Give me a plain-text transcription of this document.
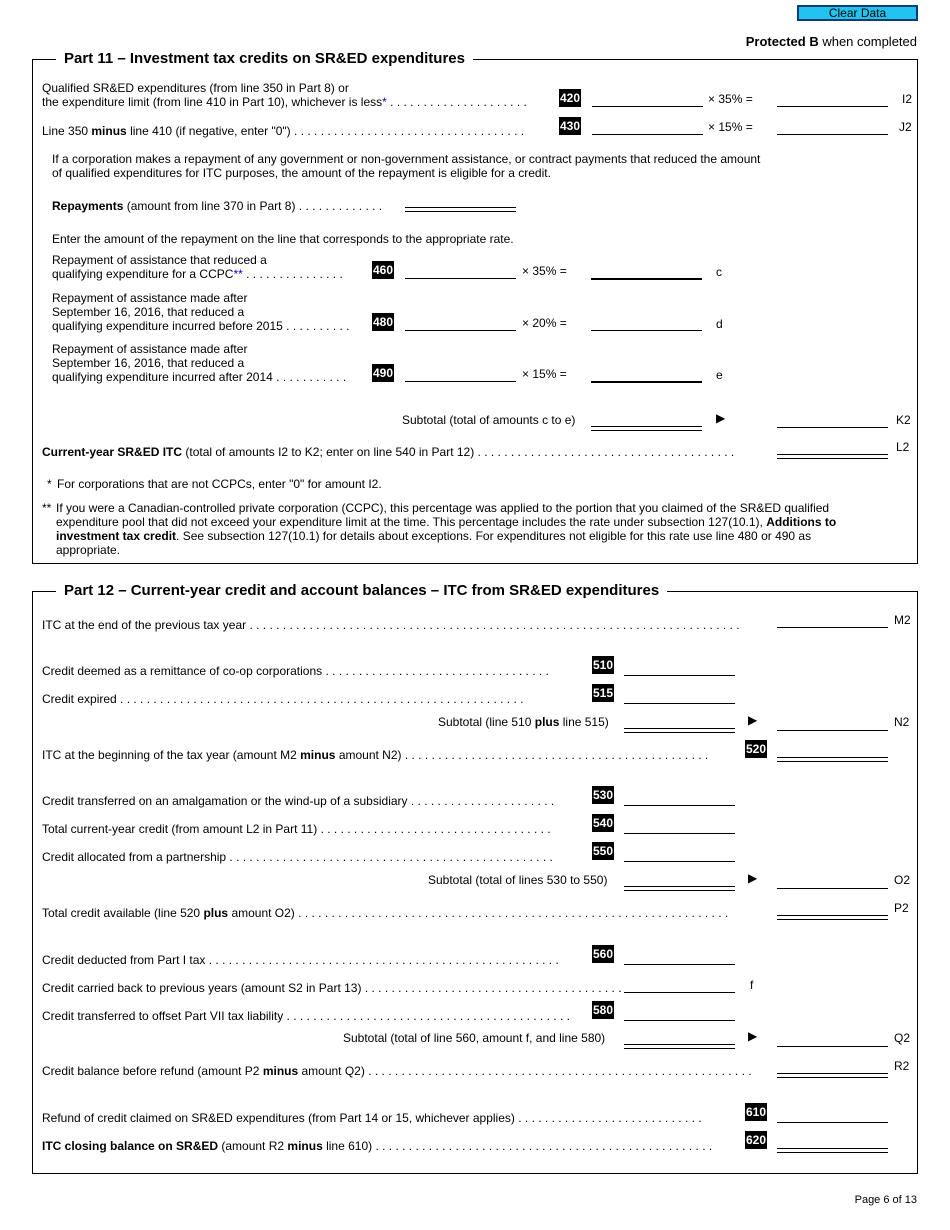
Clear Data
Protected B when completed
Part 11 – Investment tax credits on SR&ED expenditures
Qualified SR&ED expenditures (from line 350 in Part 8) or
the expenditure limit (from line 410 in Part 10), whichever is less* . . . . . . . . . . . . . . . . . . . . .	420	× 35% =	I2
Line 350 minus line 410 (if negative, enter "0") . . . . . . . . . . . . . . . . . . . . . . . . . . . . . . . . . . .	430	× 15% =	J2
If a corporation makes a repayment of any government or non-government assistance, or contract payments that reduced the amount of qualified expenditures for ITC purposes, the amount of the repayment is eligible for a credit.
Repayments (amount from line 370 in Part 8) . . . . . . . . . . . . .
Enter the amount of the repayment on the line that corresponds to the appropriate rate.
Repayment of assistance that reduced a
qualifying expenditure for a CCPC** . . . . . . . . . . . . . . .	460	× 35% =	c
Repayment of assistance made after
September 16, 2016, that reduced a
qualifying expenditure incurred before 2015 . . . . . . . . . . 480	× 20% =	d
Repayment of assistance made after
September 16, 2016, that reduced a
qualifying expenditure incurred after 2014 . . . . . . . . . . . 490	× 15% =	e
Subtotal (total of amounts c to e)	▶	K2
Current-year SR&ED ITC (total of amounts I2 to K2; enter on line 540 in Part 12) . . . . . . . . . . . . . . . . . . . . . . . . . . . . . . . . . . . . . . .	L2
* For corporations that are not CCPCs, enter "0" for amount I2.
** If you were a Canadian-controlled private corporation (CCPC), this percentage was applied to the portion that you claimed of the SR&ED qualified expenditure pool that did not exceed your expenditure limit at the time. This percentage includes the rate under subsection 127(10.1), Additions to investment tax credit. See subsection 127(10.1) for details about exceptions. For expenditures not eligible for this rate use line 480 or 490 as appropriate.
Part 12 – Current-year credit and account balances – ITC from SR&ED expenditures
ITC at the end of the previous tax year . . . . . . . . . . . . . . . . . . . . . . . . . . . . . . . . . . . . . . . . . . . . . . . . . . . . . . . . . . . . . . . . . . . . . . . . . .	M2
Credit deemed as a remittance of co-op corporations . . . . . . . . . . . . . . . . . . . . . . . . . . . . . . . . . .	510
Credit expired . . . . . . . . . . . . . . . . . . . . . . . . . . . . . . . . . . . . . . . . . . . . . . . . . . . . . . . . . . . . .	515
Subtotal (line 510 plus line 515)	▶	N2
ITC at the beginning of the tax year (amount M2 minus amount N2) . . . . . . . . . . . . . . . . . . . . . . . . . . . . . . . . . . . . . . . . . . . . . .	520
Credit transferred on an amalgamation or the wind-up of a subsidiary . . . . . . . . . . . . . . . . . . . . . .	530
Total current-year credit (from amount L2 in Part 11) . . . . . . . . . . . . . . . . . . . . . . . . . . . . . . . . . . .	540
Credit allocated from a partnership . . . . . . . . . . . . . . . . . . . . . . . . . . . . . . . . . . . . . . . . . . . . . . . . .	550
Subtotal (total of lines 530 to 550)	▶	O2
Total credit available (line 520 plus amount O2) . . . . . . . . . . . . . . . . . . . . . . . . . . . . . . . . . . . . . . . . . . . . . . . . . . . . . . . . . . . . . . . . .	P2
Credit deducted from Part I tax . . . . . . . . . . . . . . . . . . . . . . . . . . . . . . . . . . . . . . . . . . . . . . . . . . . . .	560
Credit carried back to previous years (amount S2 in Part 13) . . . . . . . . . . . . . . . . . . . . . . . . . . . . . . . . . . . . . . .	f
Credit transferred to offset Part VII tax liability . . . . . . . . . . . . . . . . . . . . . . . . . . . . . . . . . . . . . . . . . . . 580
Subtotal (total of line 560, amount f, and line 580)	▶	Q2
Credit balance before refund (amount P2 minus amount Q2) . . . . . . . . . . . . . . . . . . . . . . . . . . . . . . . . . . . . . . . . . . . . . . . . . . . . . . . . . .	R2
Refund of credit claimed on SR&ED expenditures (from Part 14 or 15, whichever applies) . . . . . . . . . . . . . . . . . . . . . . . . . . . .	610
ITC closing balance on SR&ED (amount R2 minus line 610) . . . . . . . . . . . . . . . . . . . . . . . . . . . . . . . . . . . . . . . . . . . . . . . . . . .	620
Page 6 of 13
